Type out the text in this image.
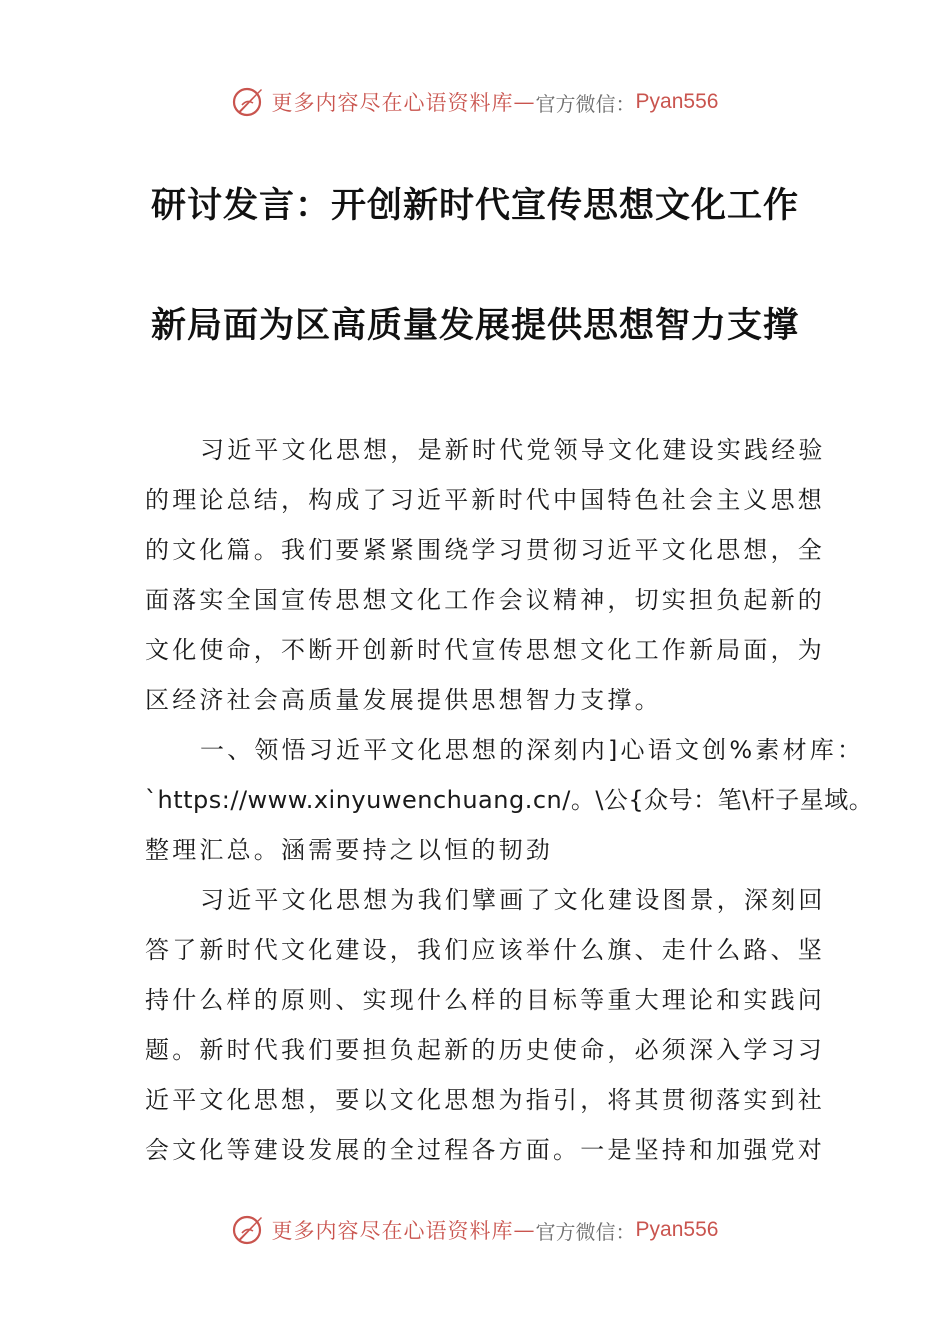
更多内容尽在心语资料库 — 官方微信： Pyan556
研讨发言：开创新时代宣传思想文化工作
新局面为区高质量发展提供思想智力支撑
习近平文化思想，是新时代党领导文化建设实践经验
的理论总结，构成了习近平新时代中国特色社会主义思想
的文化篇。我们要紧紧围绕学习贯彻习近平文化思想，全
面落实全国宣传思想文化工作会议精神，切实担负起新的
文化使命，不断开创新时代宣传思想文化工作新局面，为
区经济社会高质量发展提供思想智力支撑。
一、领悟习近平文化思想的深刻内]心语文创%素材库：
`https://www.xinyuwenchuang.cn/。\公{众号：笔\杆子星域。
整理汇总。涵需要持之以恒的韧劲
习近平文化思想为我们擘画了文化建设图景，深刻回
答了新时代文化建设，我们应该举什么旗、走什么路、坚
持什么样的原则、实现什么样的目标等重大理论和实践问
题。新时代我们要担负起新的历史使命，必须深入学习习
近平文化思想，要以文化思想为指引，将其贯彻落实到社
会文化等建设发展的全过程各方面。一是坚持和加强党对
更多内容尽在心语资料库 — 官方微信： Pyan556
